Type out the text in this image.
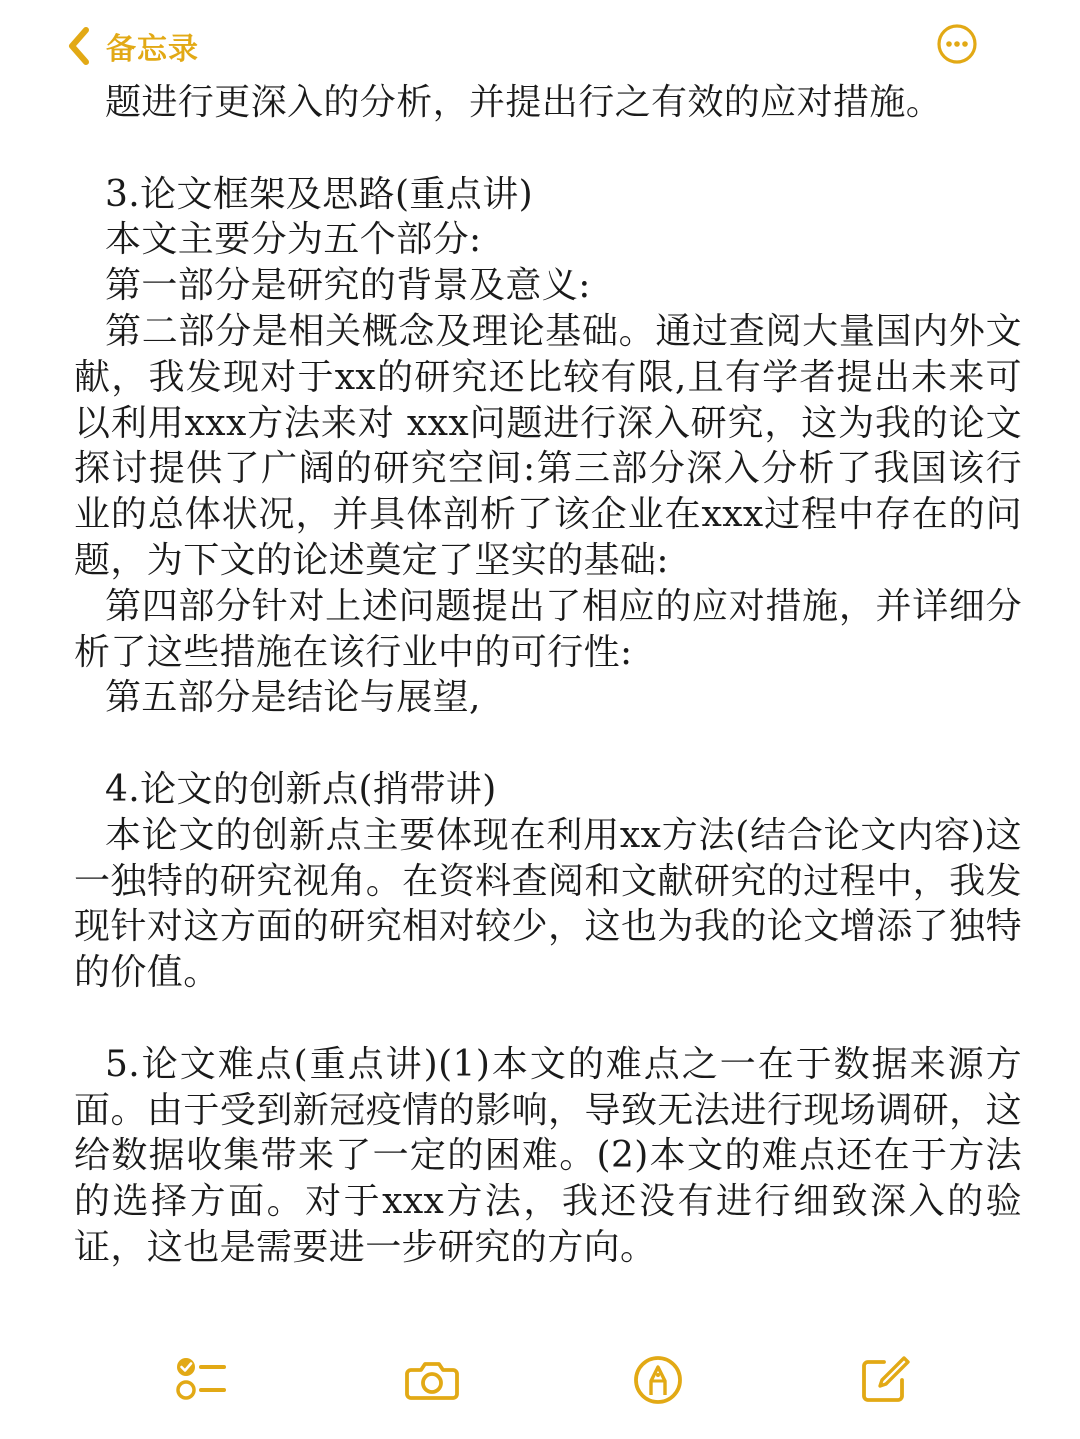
备忘录

题进行更深入的分析，并提出行之有效的应对措施。

3.论文框架及思路(重点讲)

本文主要分为五个部分:

第一部分是研究的背景及意义:

第二部分是相关概念及理论基础。通过查阅大量国内外文献，我发现对于xx的研究还比较有限,且有学者提出未来可以利用xxx方法来对 xxx问题进行深入研究，这为我的论文探讨提供了广阔的研究空间:第三部分深入分析了我国该行业的总体状况，并具体剖析了该企业在xxx过程中存在的问题，为下文的论述奠定了坚实的基础:

第四部分针对上述问题提出了相应的应对措施，并详细分析了这些措施在该行业中的可行性:

第五部分是结论与展望,

4.论文的创新点(捎带讲)

本论文的创新点主要体现在利用xx方法(结合论文内容)这一独特的研究视角。在资料查阅和文献研究的过程中，我发现针对这方面的研究相对较少，这也为我的论文增添了独特的价值。

5.论文难点(重点讲)(1)本文的难点之一在于数据来源方面。由于受到新冠疫情的影响，导致无法进行现场调研，这给数据收集带来了一定的困难。(2)本文的难点还在于方法的选择方面。对于xxx方法，我还没有进行细致深入的验证，这也是需要进一步研究的方向。
